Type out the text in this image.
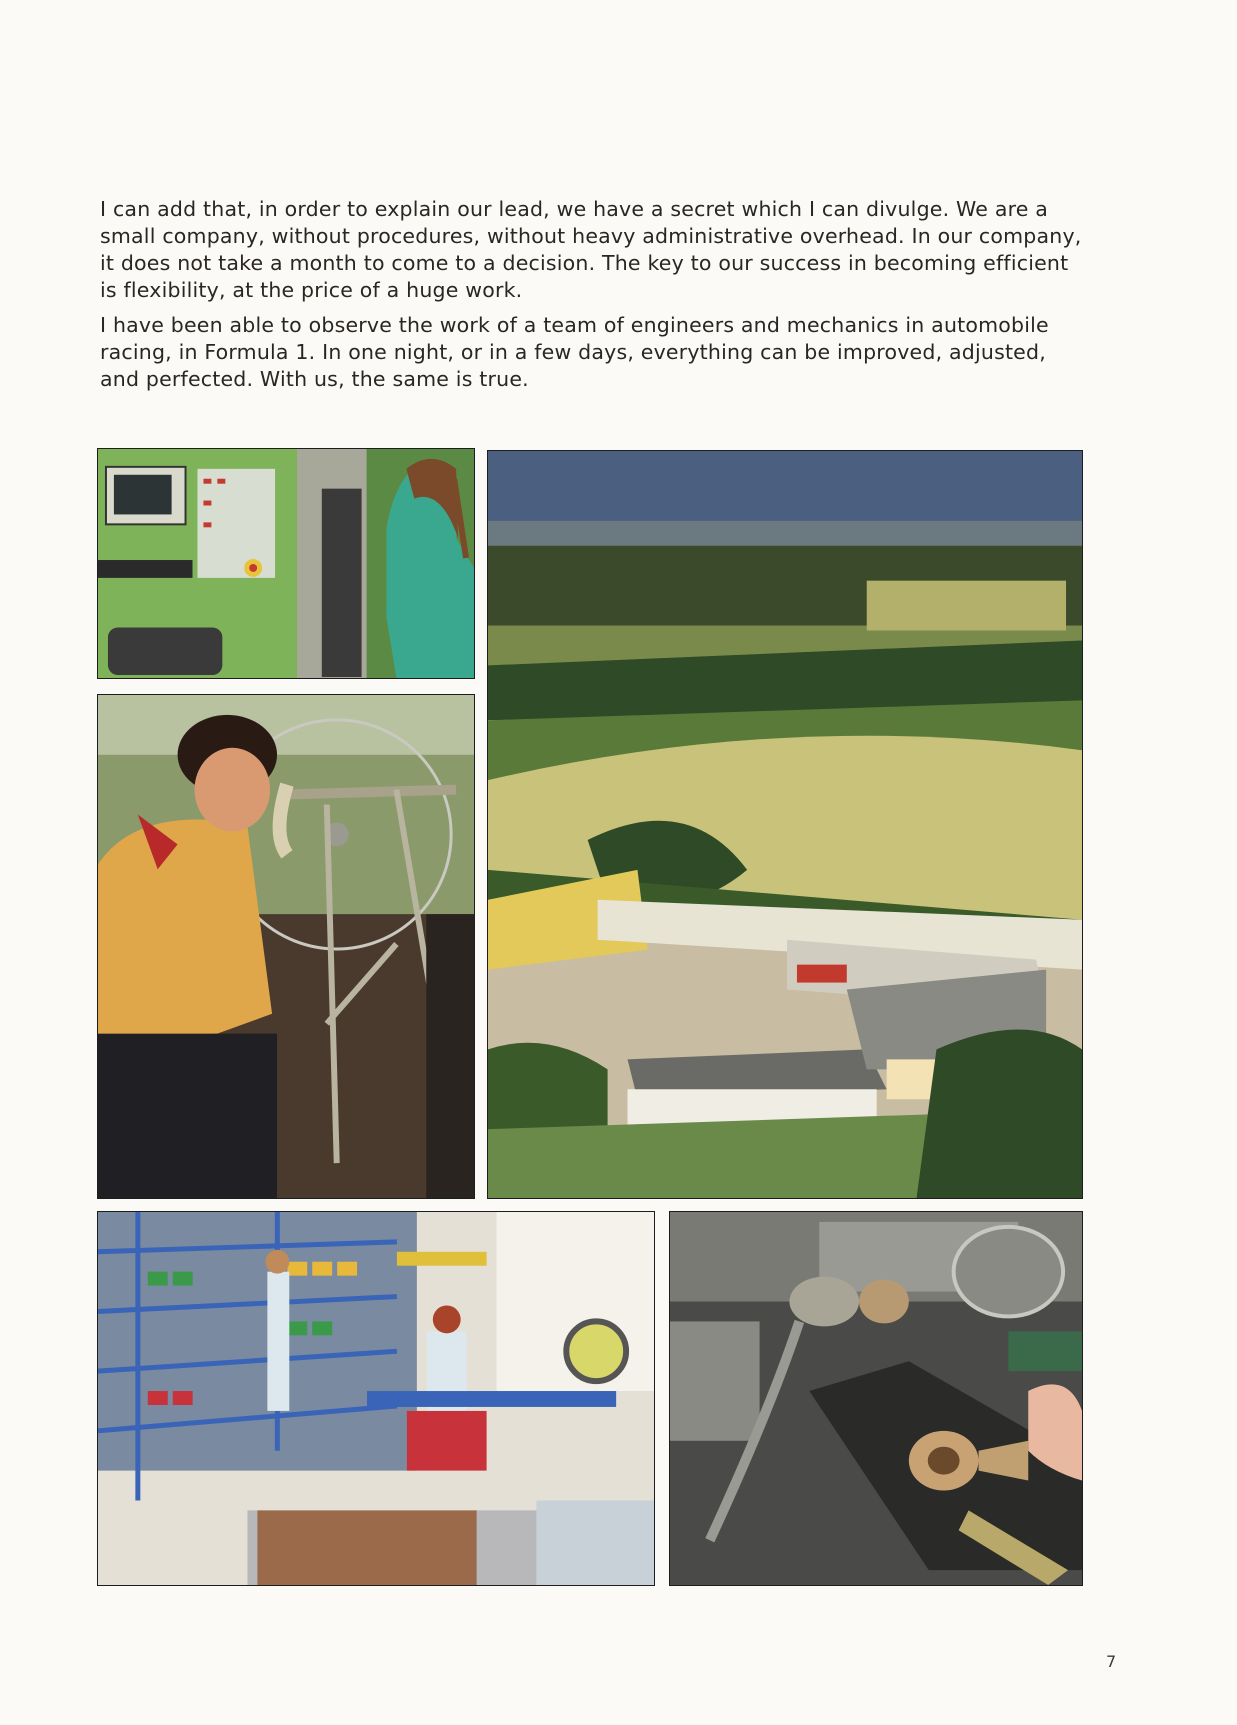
I can add that, in order to explain our lead, we have a secret which I can divulge. We are a small company, without procedures, without heavy administrative overhead. In our company, it does not take a month to come to a decision. The key to our success in becoming efficient is flexibility, at the price of a huge work.

I have been able to observe the work of a team of engineers and mechanics in automobile racing, in Formula 1. In one night, or in a few days, everything can be improved, adjusted, and perfected. With us, the same is true.

7
